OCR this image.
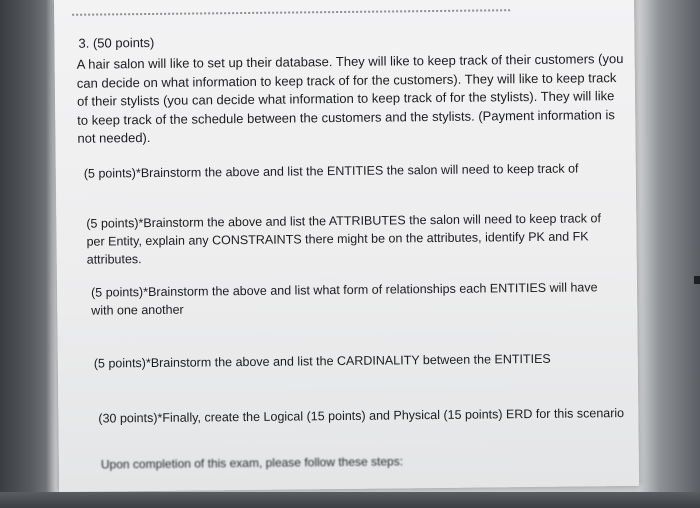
3. (50 points)

A hair salon will like to set up their database. They will like to keep track of their customers (you can decide on what information to keep track of for the customers). They will like to keep track of their stylists (you can decide what information to keep track of for the stylists). They will like to keep track of the schedule between the customers and the stylists. (Payment information is not needed).

(5 points)*Brainstorm the above and list the ENTITIES the salon will need to keep track of

(5 points)*Brainstorm the above and list the ATTRIBUTES the salon will need to keep track of per Entity, explain any CONSTRAINTS there might be on the attributes, identify PK and FK attributes.

(5 points)*Brainstorm the above and list what form of relationships each ENTITIES will have with one another

(5 points)*Brainstorm the above and list the CARDINALITY between the ENTITIES

(30 points)*Finally, create the Logical (15 points) and Physical (15 points) ERD for this scenario

Upon completion of this exam, please follow these steps:
